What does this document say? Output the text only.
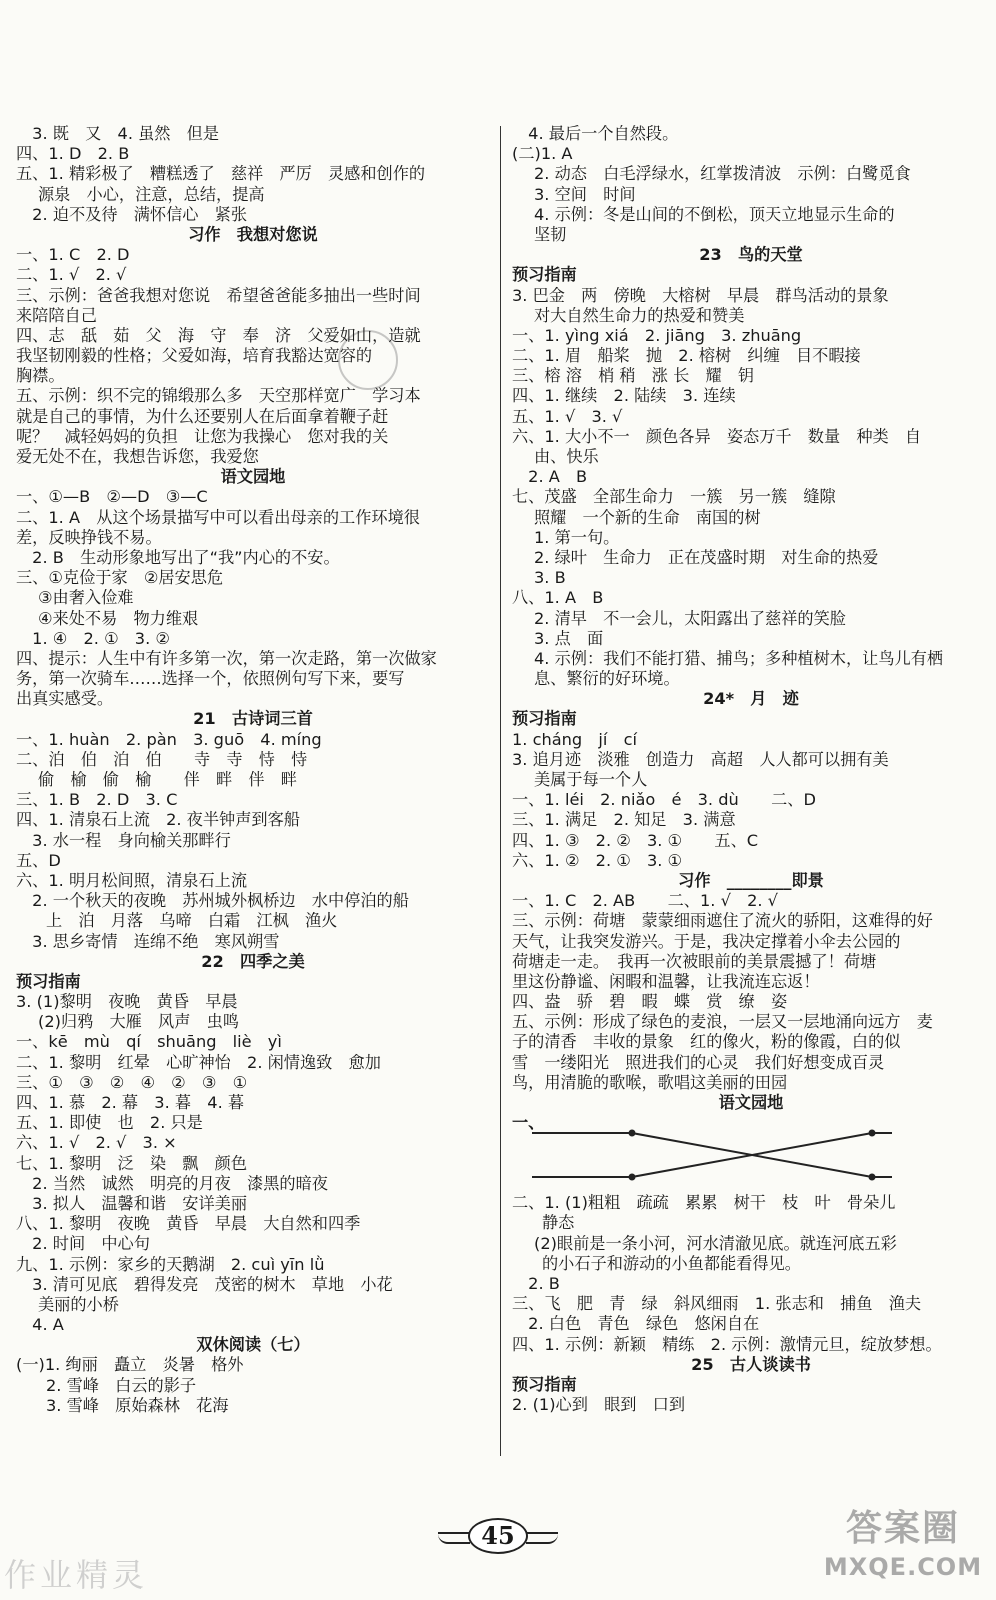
　3. 既　又　4. 虽然　但是
四、1. D　2. B
五、1. 精彩极了　糟糕透了　慈祥　严厉　灵感和创作的
源泉　小心，注意，总结，提高
　2. 迫不及待　满怀信心　紧张
习作　我想对您说
一、1. C　2. D
二、1. √　2. √
三、示例：爸爸我想对您说　希望爸爸能多抽出一些时间
来陪陪自己
四、志　舐　茹　父　海　守　奉　济　父爱如山，造就
我坚韧刚毅的性格；父爱如海，培育我豁达宽容的
胸襟。
五、示例：织不完的锦缎那么多　天空那样宽广　学习本
就是自己的事情，为什么还要别人在后面拿着鞭子赶
呢？　减轻妈妈的负担　让您为我操心　您对我的关
爱无处不在，我想告诉您，我爱您
语文园地
一、①—B　②—D　③—C
二、1. A　从这个场景描写中可以看出母亲的工作环境很
差，反映挣钱不易。
　2. B　生动形象地写出了“我”内心的不安。
三、①克俭于家　②居安思危
③由奢入俭难
④来处不易　物力维艰
　1. ④　2. ①　3. ②
四、提示：人生中有许多第一次，第一次走路，第一次做家
务，第一次骑车……选择一个，依照例句写下来，要写
出真实感受。
21　古诗词三首
一、1. huàn　2. pàn　3. guō　4. míng
二、泊　伯　泊　伯　　寺　寺　恃　恃
偷　榆　偷　榆　　伴　畔　伴　畔
三、1. B　2. D　3. C
四、1. 清泉石上流　2. 夜半钟声到客船
　3. 水一程　身向榆关那畔行
五、D
六、1. 明月松间照，清泉石上流
　2. 一个秋天的夜晚　苏州城外枫桥边　水中停泊的船
上　泊　月落　乌啼　白霜　江枫　渔火
　3. 思乡寄情　连绵不绝　寒风朔雪
22　四季之美
预习指南
3. (1)黎明　夜晚　黄昏　早晨
(2)归鸦　大雁　风声　虫鸣
一、kē　mù　qí　shuāng　liè　yì
二、1. 黎明　红晕　心旷神怡　2. 闲情逸致　愈加
三、①　③　②　④　②　③　①
四、1. 慕　2. 幕　3. 暮　4. 暮
五、1. 即使　也　2. 只是
六、1. √　2. √　3. ×
七、1. 黎明　泛　染　飘　颜色
　2. 当然　诚然　明亮的月夜　漆黑的暗夜
　3. 拟人　温馨和谐　安详美丽
八、1. 黎明　夜晚　黄昏　早晨　大自然和四季
　2. 时间　中心句
九、1. 示例：家乡的天鹅湖　2. cuì yīn lǜ
　3. 清可见底　碧得发亮　茂密的树木　草地　小花
美丽的小桥
　4. A
双休阅读（七）
(一)1. 绚丽　矗立　炎暑　格外
2. 雪峰　白云的影子
3. 雪峰　原始森林　花海
　4. 最后一个自然段。
(二)1. A
2. 动态　白毛浮绿水，红掌拨清波　示例：白鹭觅食
3. 空间　时间
4. 示例：冬是山间的不倒松，顶天立地显示生命的
坚韧
23　鸟的天堂
预习指南
3. 巴金　两　傍晚　大榕树　早晨　群鸟活动的景象
对大自然生命力的热爱和赞美
一、1. yìng xiá　2. jiāng　3. zhuāng
二、1. 眉　船桨　抛　2. 榕树　纠缠　目不暇接
三、榕 溶　梢 稍　涨 长　耀　钥
四、1. 继续　2. 陆续　3. 连续
五、1. √　3. √
六、1. 大小不一　颜色各异　姿态万千　数量　种类　自
由、快乐
　2. A　B
七、茂盛　全部生命力　一簇　另一簇　缝隙
照耀　一个新的生命　南国的树
1. 第一句。
2. 绿叶　生命力　正在茂盛时期　对生命的热爱
3. B
八、1. A　B
2. 清早　不一会儿，太阳露出了慈祥的笑脸
3. 点　面
4. 示例：我们不能打猎、捕鸟；多种植树木，让鸟儿有栖
息、繁衍的好环境。
24*　月　迹
预习指南
1. cháng　jí　cí
3. 追月迹　淡雅　创造力　高超　人人都可以拥有美
美属于每一个人
一、1. léi　2. niǎo　é　3. dù　　二、D
三、1. 满足　2. 知足　3. 满意
四、1. ③　2. ②　3. ①　　五、C
六、1. ②　2. ①　3. ①
习作　________即景
一、1. C　2. AB　　二、1. √　2. √
三、示例：荷塘　蒙蒙细雨遮住了流火的骄阳，这难得的好
天气，让我突发游兴。于是，我决定撑着小伞去公园的
荷塘走一走。　我再一次被眼前的美景震撼了！荷塘
里这份静谧、闲暇和温馨，让我流连忘返！
四、盎　骄　碧　暇　蝶　赏　缭　姿
五、示例：形成了绿色的麦浪，一层又一层地涌向远方　麦
子的清香　丰收的景象　红的像火，粉的像霞，白的似
雪　一缕阳光　照进我们的心灵　我们好想变成百灵
鸟，用清脆的歌喉，歌唱这美丽的田园
语文园地
一、
二、1. (1)粗粗　疏疏　累累　树干　枝　叶　骨朵儿
静态
(2)眼前是一条小河，河水清澈见底。就连河底五彩
的小石子和游动的小鱼都能看得见。
　2. B
三、飞　肥　青　绿　斜风细雨　1. 张志和　捕鱼　渔夫
　2. 白色　青色　绿色　悠闲自在
四、1. 示例：新颖　精练　2. 示例：激情元旦，绽放梦想。
25　古人谈读书
预习指南
2. (1)心到　眼到　口到
45
作业精灵
答案圈
MXQE.COM
